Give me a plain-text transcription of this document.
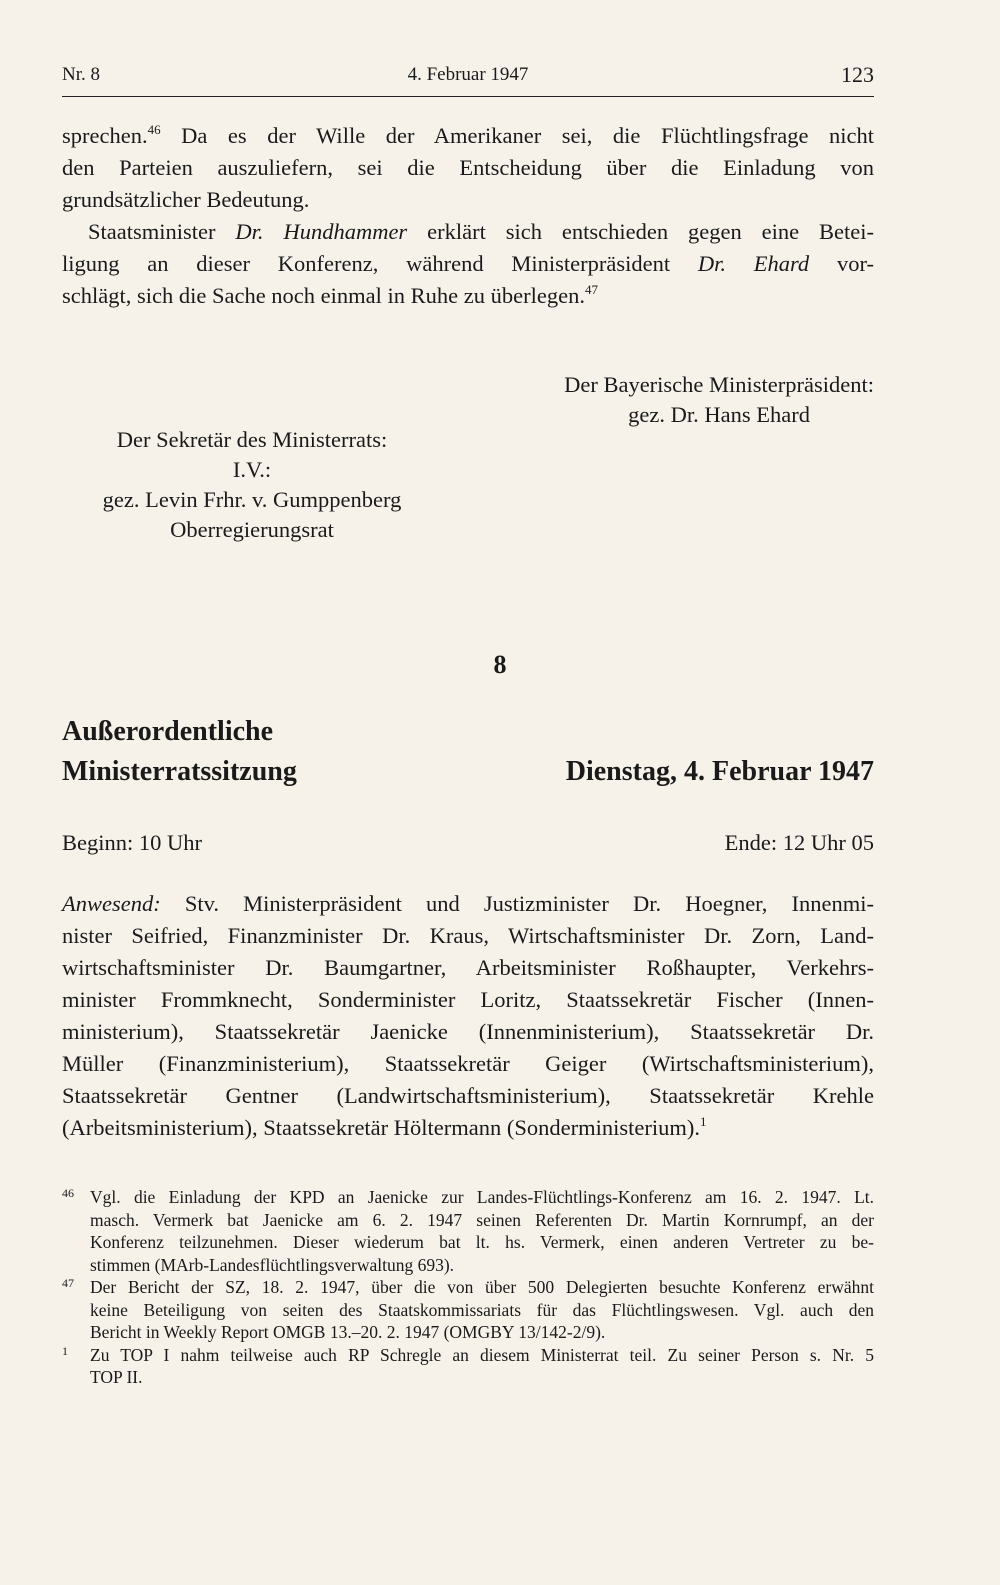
Nr. 8	4. Februar 1947	123
sprechen.$^{46}$ Da es der Wille der Amerikaner sei, die Flüchtlingsfrage nicht
den Parteien auszuliefern, sei die Entscheidung über die Einladung von
grundsätzlicher Bedeutung.
Staatsminister Dr. Hundhammer erklärt sich entschieden gegen eine Betei-
ligung an dieser Konferenz, während Ministerpräsident Dr. Ehard vor-
schlägt, sich die Sache noch einmal in Ruhe zu überlegen.$^{47}$
Der Bayerische Ministerpräsident:
gez. Dr. Hans Ehard
Der Sekretär des Ministerrats:
I.V.:
gez. Levin Frhr. v. Gumppenberg
Oberregierungsrat
8
Außerordentliche
Ministerratssitzung	Dienstag, 4. Februar 1947
Beginn: 10 Uhr	Ende: 12 Uhr 05
Anwesend: Stv. Ministerpräsident und Justizminister Dr. Hoegner, Innenmi-
nister Seifried, Finanzminister Dr. Kraus, Wirtschaftsminister Dr. Zorn, Land-
wirtschaftsminister Dr. Baumgartner, Arbeitsminister Roßhaupter, Verkehrs-
minister Frommknecht, Sonderminister Loritz, Staatssekretär Fischer (Innen-
ministerium), Staatssekretär Jaenicke (Innenministerium), Staatssekretär Dr.
Müller (Finanzministerium), Staatssekretär Geiger (Wirtschaftsministerium),
Staatssekretär Gentner (Landwirtschaftsministerium), Staatssekretär Krehle
(Arbeitsministerium), Staatssekretär Höltermann (Sonderministerium).$^1$
46 Vgl. die Einladung der KPD an Jaenicke zur Landes-Flüchtlings-Konferenz am 16. 2. 1947. Lt.
masch. Vermerk bat Jaenicke am 6. 2. 1947 seinen Referenten Dr. Martin Kornrumpf, an der
Konferenz teilzunehmen. Dieser wiederum bat lt. hs. Vermerk, einen anderen Vertreter zu be-
stimmen (MArb-Landesflüchtlingsverwaltung 693).
47 Der Bericht der SZ, 18. 2. 1947, über die von über 500 Delegierten besuchte Konferenz erwähnt
keine Beteiligung von seiten des Staatskommissariats für das Flüchtlingswesen. Vgl. auch den
Bericht in Weekly Report OMGB 13.–20. 2. 1947 (OMGBY 13/142-2/9).
1 Zu TOP I nahm teilweise auch RP Schregle an diesem Ministerrat teil. Zu seiner Person s. Nr. 5
TOP II.
